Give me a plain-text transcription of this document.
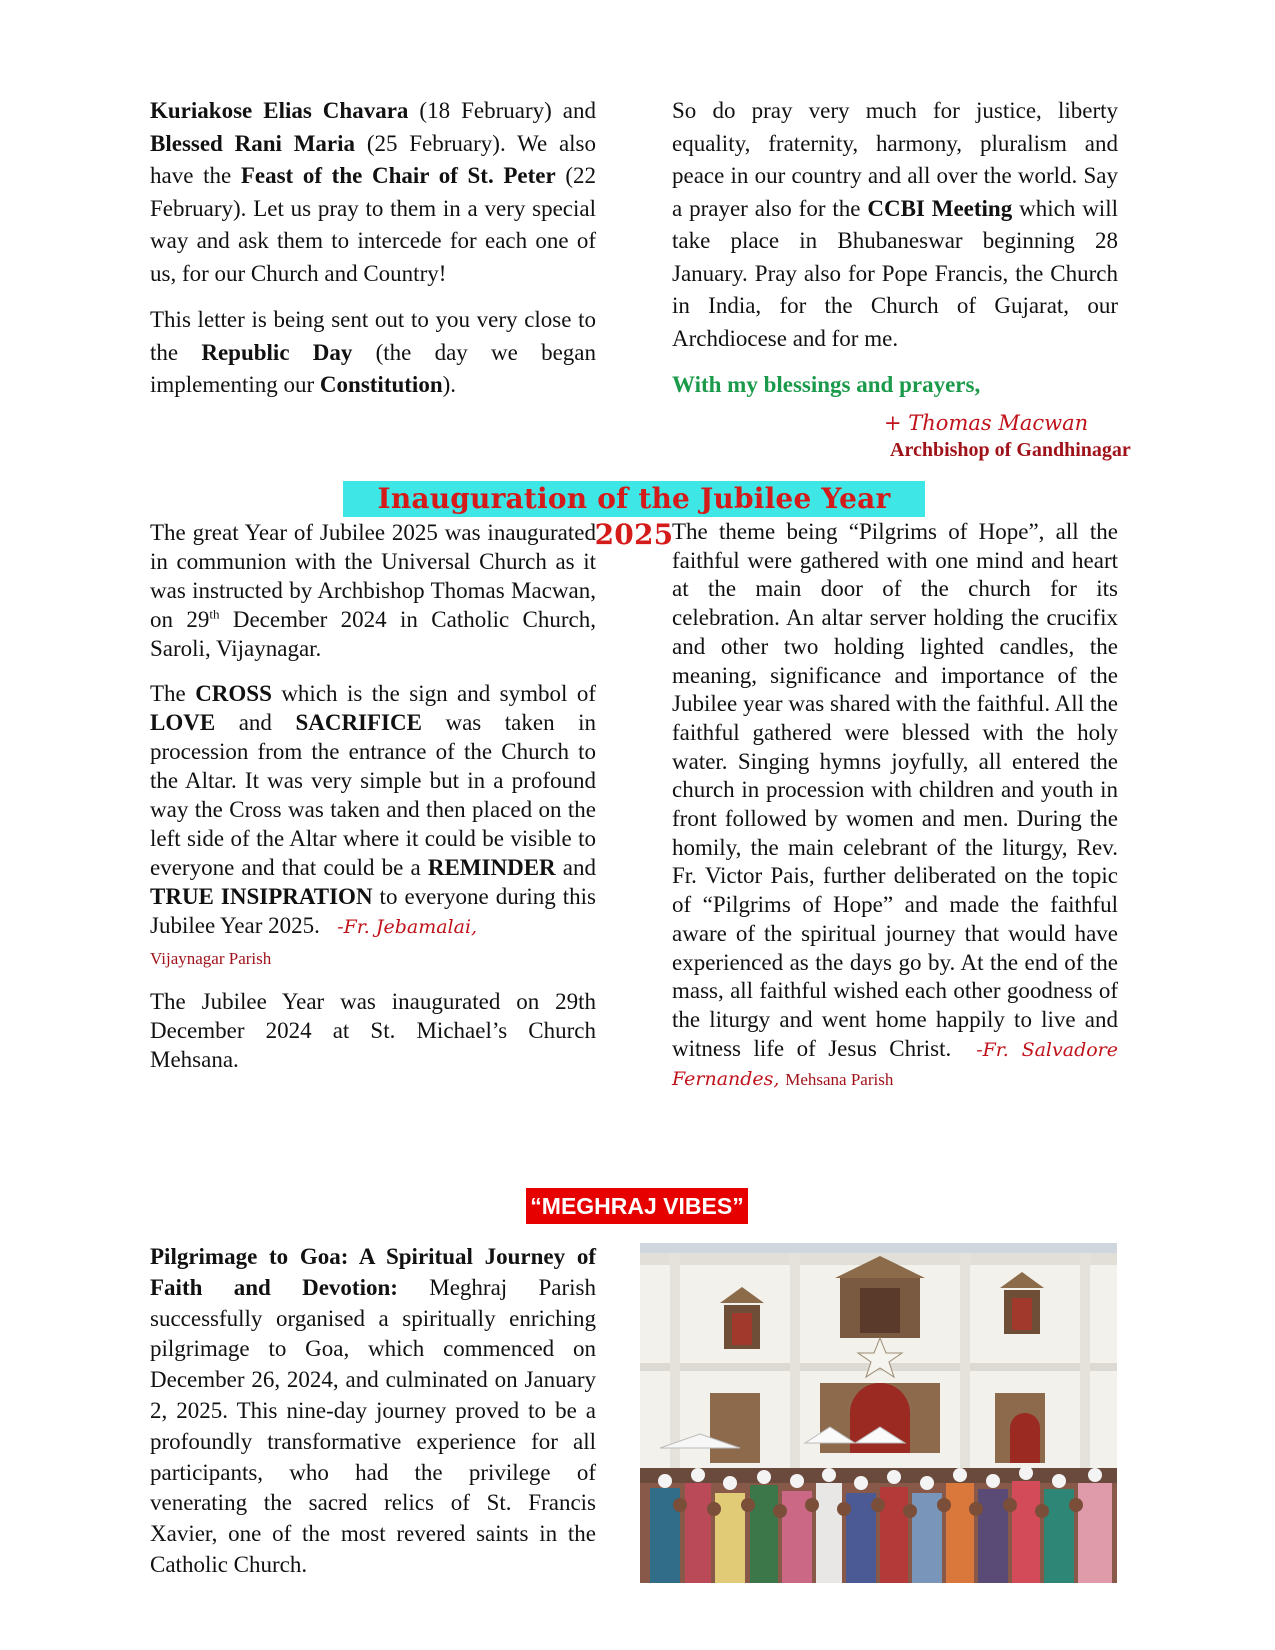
Kuriakose Elias Chavara (18 February) and Blessed Rani Maria (25 February). We also have the Feast of the Chair of St. Peter (22 February). Let us pray to them in a very special way and ask them to intercede for each one of us, for our Church and Country!

This letter is being sent out to you very close to the Republic Day (the day we began implementing our Constitution).

So do pray very much for justice, liberty equality, fraternity, harmony, pluralism and peace in our country and all over the world. Say a prayer also for the CCBI Meeting which will take place in Bhubaneswar beginning 28 January. Pray also for Pope Francis, the Church in India, for the Church of Gujarat, our Archdiocese and for me.

With my blessings and prayers,
+ Thomas Macwan
Archbishop of Gandhinagar
Inauguration of the Jubilee Year 2025

The great Year of Jubilee 2025 was inaugurated in communion with the Universal Church as it was instructed by Archbishop Thomas Macwan, on 29th December 2024 in Catholic Church, Saroli, Vijaynagar.

The CROSS which is the sign and symbol of LOVE and SACRIFICE was taken in procession from the entrance of the Church to the Altar. It was very simple but in a profound way the Cross was taken and then placed on the left side of the Altar where it could be visible to everyone and that could be a REMINDER and TRUE INSIPRATION to everyone during this Jubilee Year 2025. -Fr. Jebamalai,
Vijaynagar Parish

The Jubilee Year was inaugurated on 29th December 2024 at St. Michael’s Church Mehsana.

The theme being “Pilgrims of Hope”, all the faithful were gathered with one mind and heart at the main door of the church for its celebration. An altar server holding the crucifix and other two holding lighted candles, the meaning, significance and importance of the Jubilee year was shared with the faithful. All the faithful gathered were blessed with the holy water. Singing hymns joyfully, all entered the church in procession with children and youth in front followed by women and men. During the homily, the main celebrant of the liturgy, Rev. Fr. Victor Pais, further deliberated on the topic of “Pilgrims of Hope” and made the faithful aware of the spiritual journey that would have experienced as the days go by. At the end of the mass, all faithful wished each other goodness of the liturgy and went home happily to live and witness life of Jesus Christ. -Fr. Salvadore Fernandes, Mehsana Parish

“MEGHRAJ VIBES”

Pilgrimage to Goa: A Spiritual Journey of Faith and Devotion: Meghraj Parish successfully organised a spiritually enriching pilgrimage to Goa, which commenced on December 26, 2024, and culminated on January 2, 2025. This nine-day journey proved to be a profoundly transformative experience for all participants, who had the privilege of venerating the sacred relics of St. Francis Xavier, one of the most revered saints in the Catholic Church.
